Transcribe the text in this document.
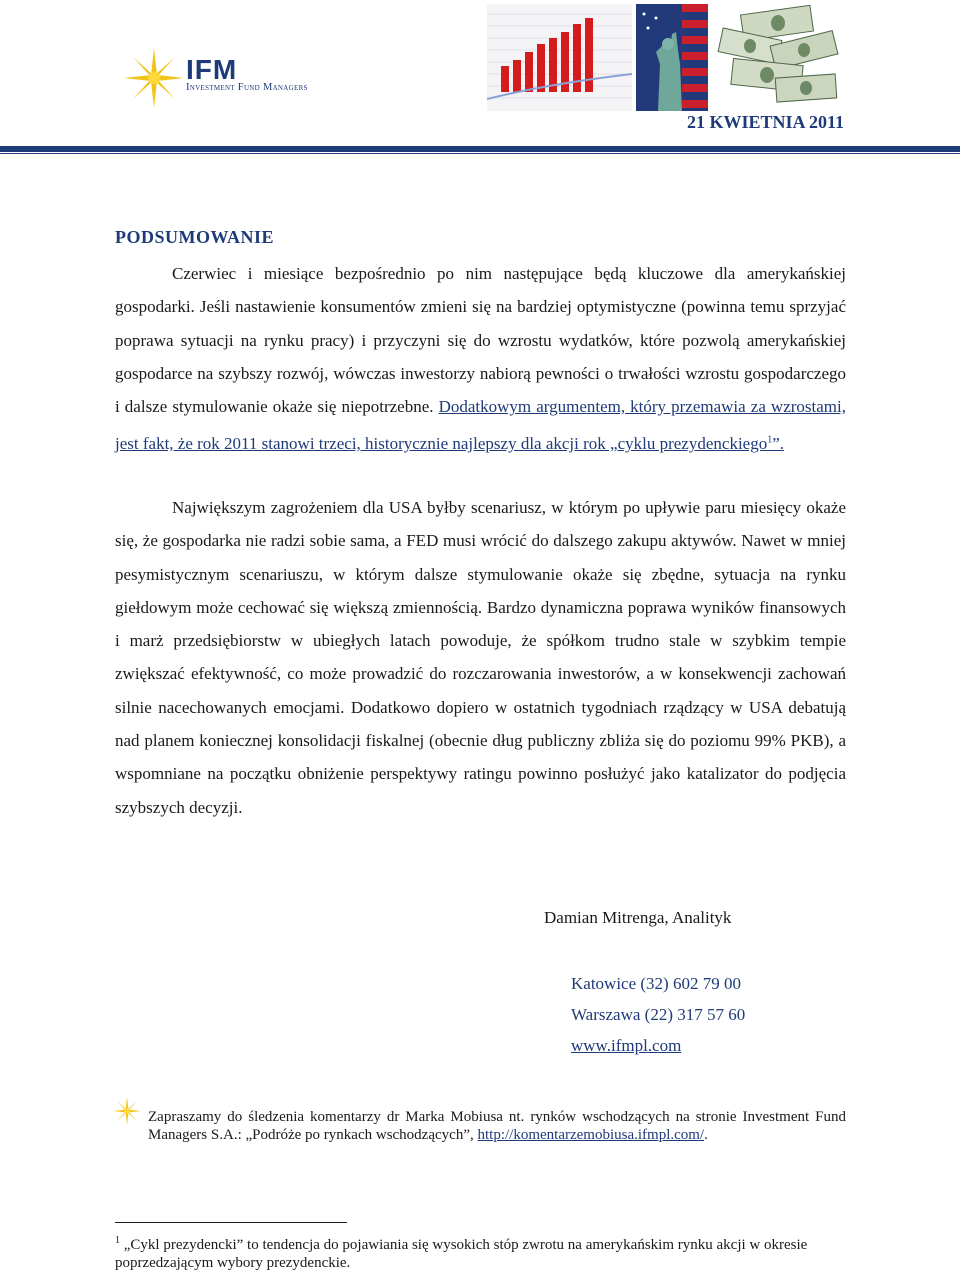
IFM
Investment Fund Managers
21 KWIETNIA 2011
PODSUMOWANIE

Czerwiec i miesiące bezpośrednio po nim następujące będą kluczowe dla amerykańskiej gospodarki. Jeśli nastawienie konsumentów zmieni się na bardziej optymistyczne (powinna temu sprzyjać poprawa sytuacji na rynku pracy) i przyczyni się do wzrostu wydatków, które pozwolą amerykańskiej gospodarce na szybszy rozwój, wówczas inwestorzy nabiorą pewności o trwałości wzrostu gospodarczego i dalsze stymulowanie okaże się niepotrzebne. Dodatkowym argumentem, który przemawia za wzrostami, jest fakt, że rok 2011 stanowi trzeci, historycznie najlepszy dla akcji rok „cyklu prezydenckiego$^1$”.

Największym zagrożeniem dla USA byłby scenariusz, w którym po upływie paru miesięcy okaże się, że gospodarka nie radzi sobie sama, a FED musi wrócić do dalszego zakupu aktywów. Nawet w mniej pesymistycznym scenariuszu, w którym dalsze stymulowanie okaże się zbędne, sytuacja na rynku giełdowym może cechować się większą zmiennością. Bardzo dynamiczna poprawa wyników finansowych i marż przedsiębiorstw w ubiegłych latach powoduje, że spółkom trudno stale w szybkim tempie zwiększać efektywność, co może prowadzić do rozczarowania inwestorów, a w konsekwencji zachowań silnie nacechowanych emocjami. Dodatkowo dopiero w ostatnich tygodniach rządzący w USA debatują nad planem koniecznej konsolidacji fiskalnej (obecnie dług publiczny zbliża się do poziomu 99% PKB), a wspomniane na początku obniżenie perspektywy ratingu powinno posłużyć jako katalizator do podjęcia szybszych decyzji.

Damian Mitrenga, Analityk
Katowice (32) 602 79 00
Warszawa (22) 317 57 60
www.ifmpl.com

Zapraszamy do śledzenia komentarzy dr Marka Mobiusa nt. rynków wschodzących na stronie Investment Fund Managers S.A.: „Podróże po rynkach wschodzących”, http://komentarzemobiusa.ifmpl.com/.

$^1$ „Cykl prezydencki” to tendencja do pojawiania się wysokich stóp zwrotu na amerykańskim rynku akcji w okresie poprzedzającym wybory prezydenckie.
